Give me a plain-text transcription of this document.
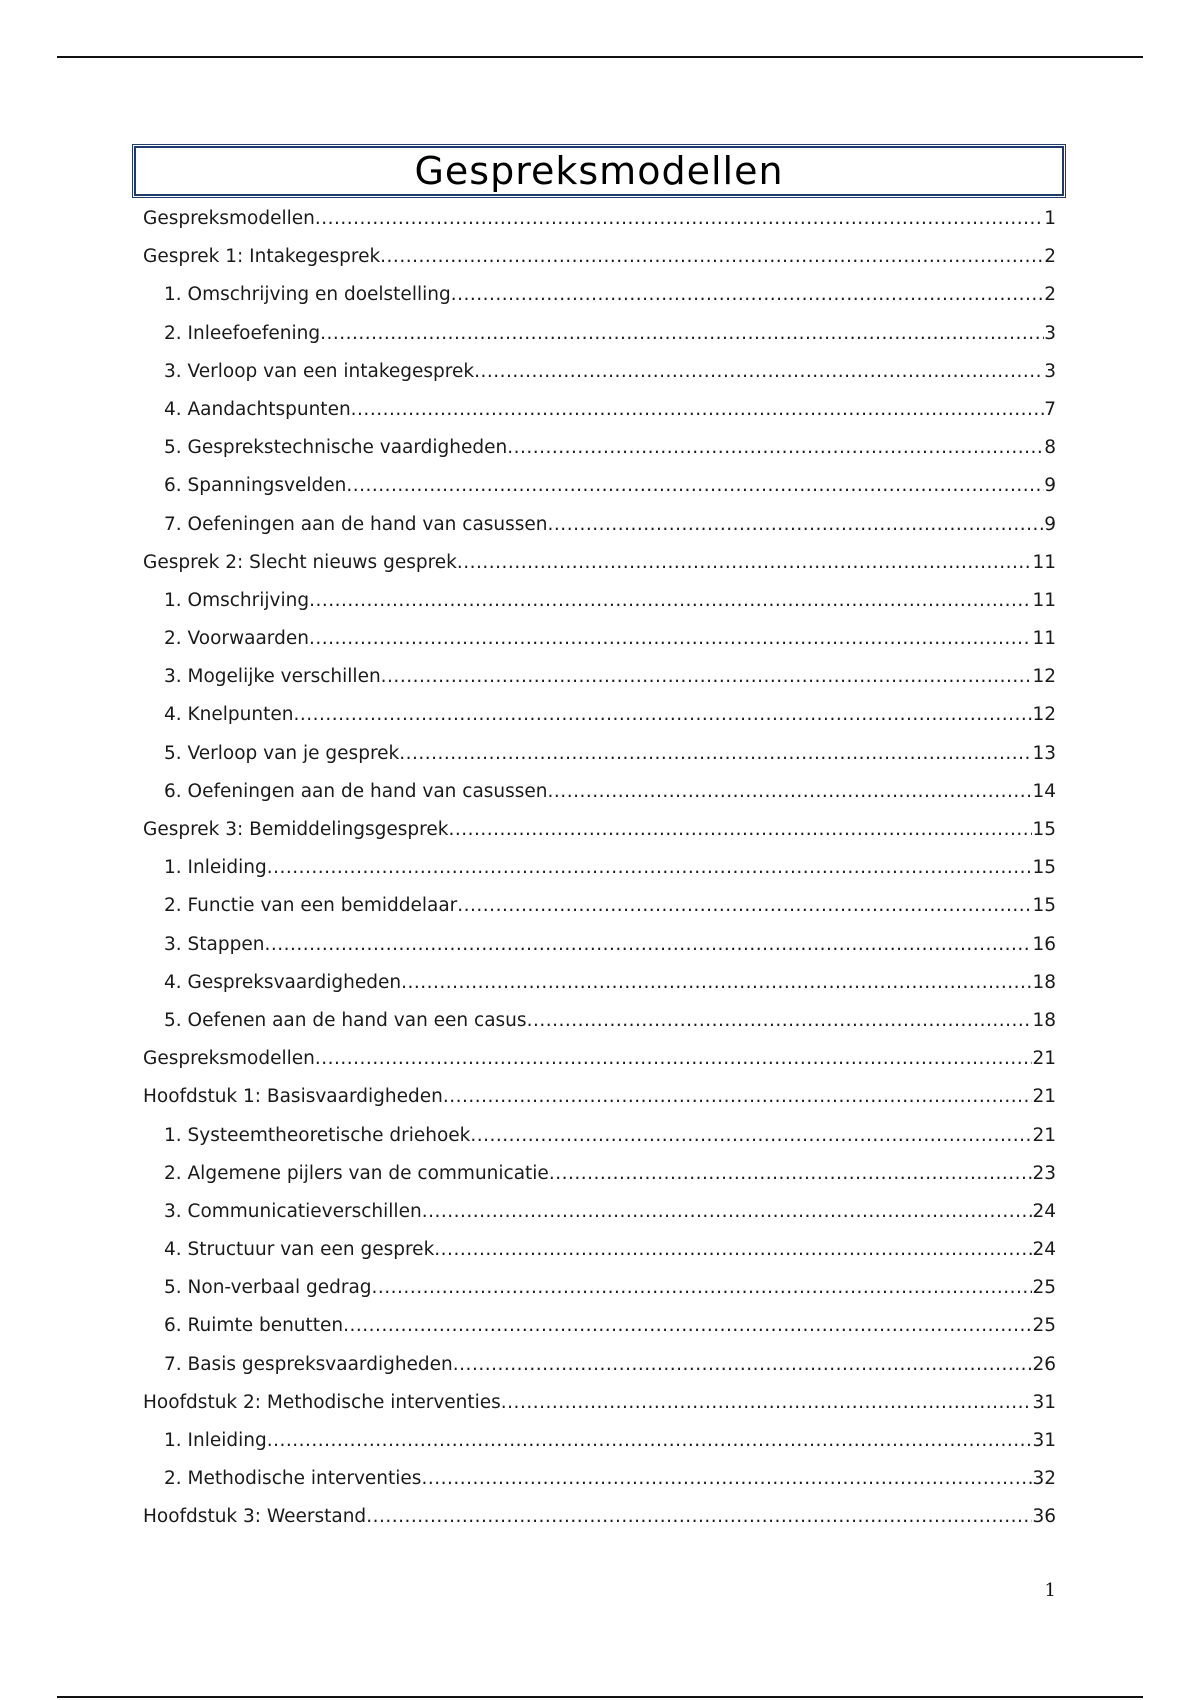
Gespreksmodellen
Gespreksmodellen .....	1
Gesprek 1: Intakegesprek .....	2
1. Omschrijving en doelstelling .....	2
2. Inleefoefening .....	3
3. Verloop van een intakegesprek .....	3
4. Aandachtspunten .....	7
5. Gesprekstechnische vaardigheden .....	8
6. Spanningsvelden .....	9
7. Oefeningen aan de hand van casussen .....	9
Gesprek 2: Slecht nieuws gesprek .....	11
1. Omschrijving .....	11
2. Voorwaarden .....	11
3. Mogelijke verschillen .....	12
4. Knelpunten .....	12
5. Verloop van je gesprek .....	13
6. Oefeningen aan de hand van casussen .....	14
Gesprek 3: Bemiddelingsgesprek .....	15
1. Inleiding .....	15
2. Functie van een bemiddelaar .....	15
3. Stappen .....	16
4. Gespreksvaardigheden .....	18
5. Oefenen aan de hand van een casus .....	18
Gespreksmodellen .....	21
Hoofdstuk 1: Basisvaardigheden .....	21
1. Systeemtheoretische driehoek .....	21
2. Algemene pijlers van de communicatie .....	23
3. Communicatieverschillen .....	24
4. Structuur van een gesprek .....	24
5. Non-verbaal gedrag .....	25
6. Ruimte benutten .....	25
7. Basis gespreksvaardigheden .....	26
Hoofdstuk 2: Methodische interventies .....	31
1. Inleiding .....	31
2. Methodische interventies .....	32
Hoofdstuk 3: Weerstand .....	36
1
